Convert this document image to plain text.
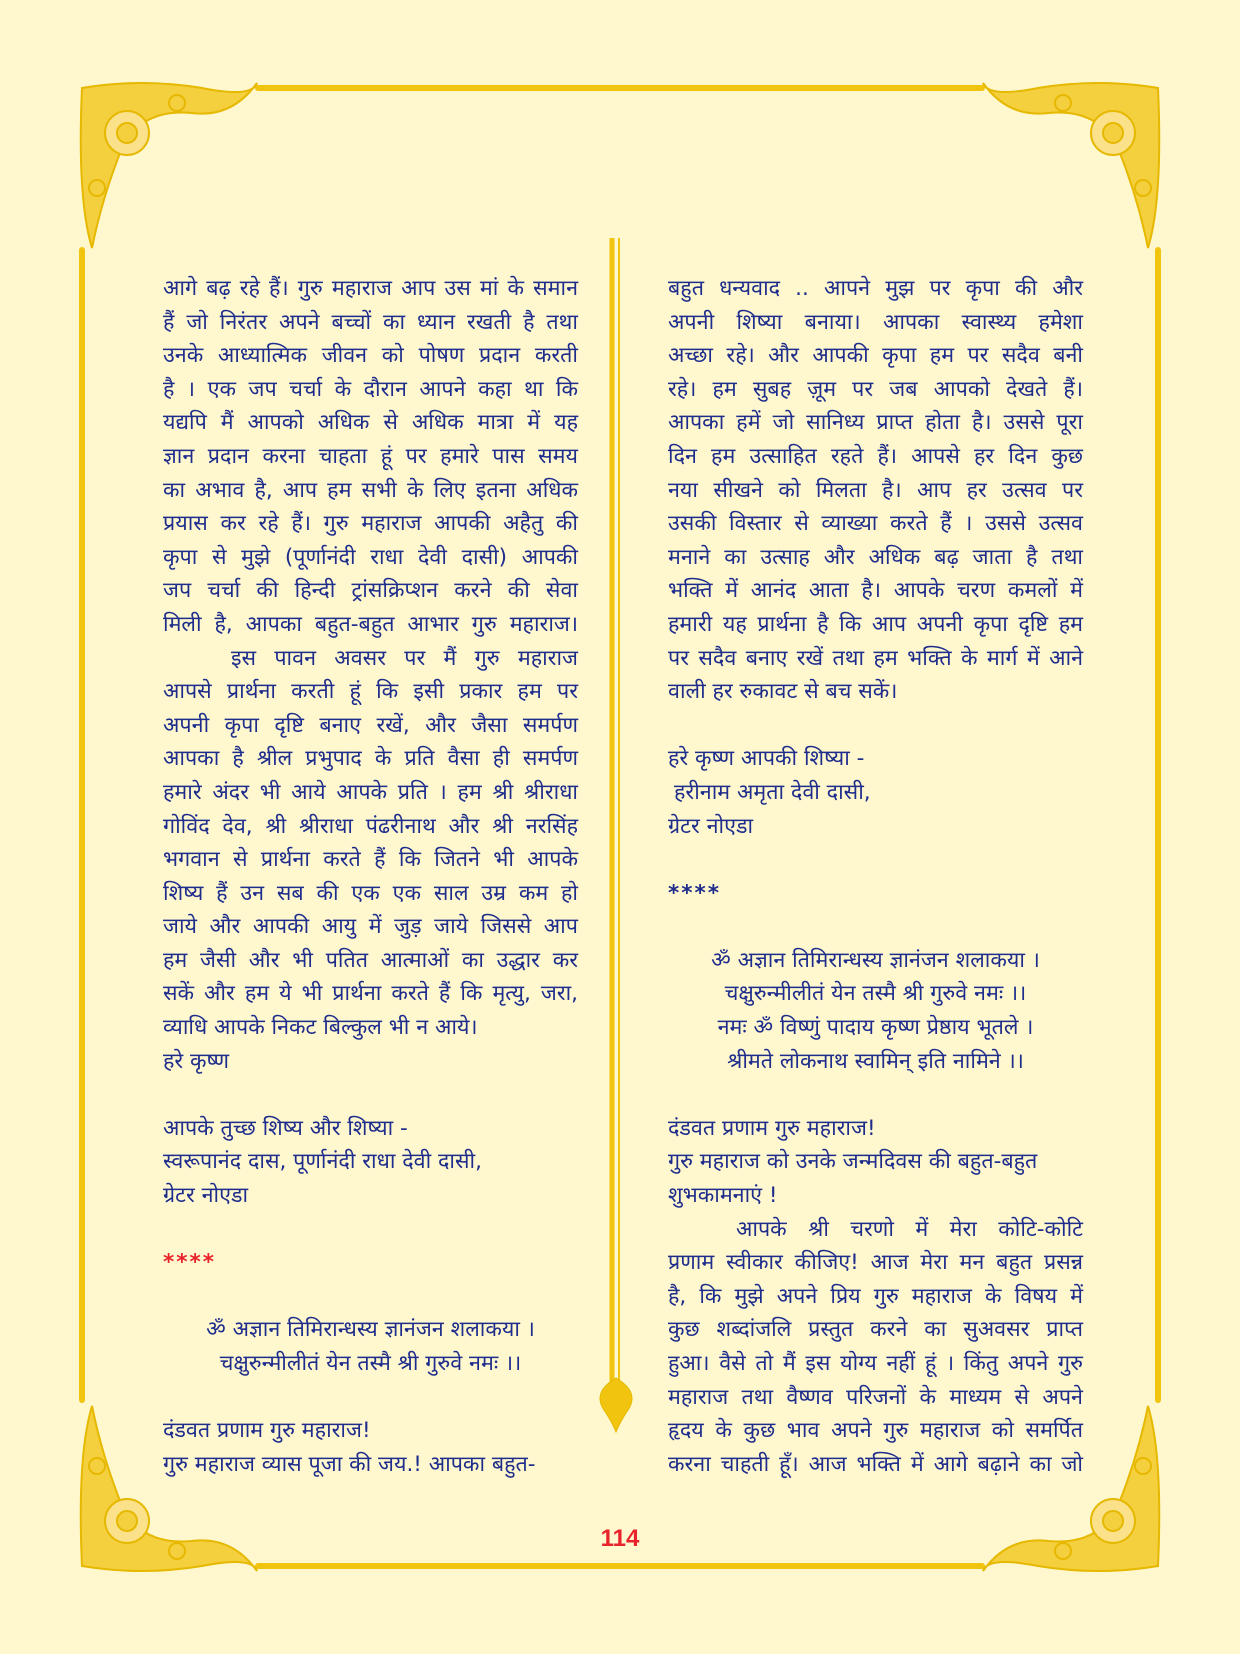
आगे बढ़ रहे हैं। गुरु महाराज आप उस मां के समान
हैं जो निरंतर अपने बच्चों का ध्यान रखती है तथा
उनके आध्यात्मिक जीवन को पोषण प्रदान करती
है । एक जप चर्चा के दौरान आपने कहा था कि
यद्यपि मैं आपको अधिक से अधिक मात्रा में यह
ज्ञान प्रदान करना चाहता हूं पर हमारे पास समय
का अभाव है, आप हम सभी के लिए इतना अधिक
प्रयास कर रहे हैं। गुरु महाराज आपकी अहैतु की
कृपा से मुझे (पूर्णानंदी राधा देवी दासी) आपकी
जप चर्चा की हिन्दी ट्रांसक्रिप्शन करने की सेवा
मिली है, आपका बहुत-बहुत आभार गुरु महाराज।
इस पावन अवसर पर मैं गुरु महाराज
आपसे प्रार्थना करती हूं कि इसी प्रकार हम पर
अपनी कृपा दृष्टि बनाए रखें, और जैसा समर्पण
आपका है श्रील प्रभुपाद के प्रति वैसा ही समर्पण
हमारे अंदर भी आये आपके प्रति । हम श्री श्रीराधा
गोविंद देव, श्री श्रीराधा पंढरीनाथ और श्री नरसिंह
भगवान से प्रार्थना करते हैं कि जितने भी आपके
शिष्य हैं उन सब की एक एक साल उम्र कम हो
जाये और आपकी आयु में जुड़ जाये जिससे आप
हम जैसी और भी पतित आत्माओं का उद्धार कर
सकें और हम ये भी प्रार्थना करते हैं कि मृत्यु, जरा,
व्याधि आपके निकट बिल्कुल भी न आये।
हरे कृष्ण
आपके तुच्छ शिष्य और शिष्या -
स्वरूपानंद दास, पूर्णानंदी राधा देवी दासी,
ग्रेटर नोएडा
****
ॐ अज्ञान तिमिरान्धस्य ज्ञानंजन शलाकया ।
चक्षुरुन्मीलीतं येन तस्मै श्री गुरुवे नमः ।।
दंडवत प्रणाम गुरु महाराज!
गुरु महाराज व्यास पूजा की जय.! आपका बहुत-
बहुत धन्यवाद .. आपने मुझ पर कृपा की और
अपनी शिष्या बनाया। आपका स्वास्थ्य हमेशा
अच्छा रहे। और आपकी कृपा हम पर सदैव बनी
रहे। हम सुबह ज़ूम पर जब आपको देखते हैं।
आपका हमें जो सानिध्य प्राप्त होता है। उससे पूरा
दिन हम उत्साहित रहते हैं। आपसे हर दिन कुछ
नया सीखने को मिलता है। आप हर उत्सव पर
उसकी विस्तार से व्याख्या करते हैं । उससे उत्सव
मनाने का उत्साह और अधिक बढ़ जाता है तथा
भक्ति में आनंद आता है। आपके चरण कमलों में
हमारी यह प्रार्थना है कि आप अपनी कृपा दृष्टि हम
पर सदैव बनाए रखें तथा हम भक्ति के मार्ग में आने
वाली हर रुकावट से बच सकें।
हरे कृष्ण आपकी शिष्या -
हरीनाम अमृता देवी दासी,
ग्रेटर नोएडा
****
ॐ अज्ञान तिमिरान्धस्य ज्ञानंजन शलाकया ।
चक्षुरुन्मीलीतं येन तस्मै श्री गुरुवे नमः ।।
नमः ॐ विष्णुं पादाय कृष्ण प्रेष्ठाय भूतले ।
श्रीमते लोकनाथ स्वामिन् इति नामिने ।।
दंडवत प्रणाम गुरु महाराज!
गुरु महाराज को उनके जन्मदिवस की बहुत-बहुत
शुभकामनाएं !
आपके श्री चरणो में मेरा कोटि-कोटि
प्रणाम स्वीकार कीजिए! आज मेरा मन बहुत प्रसन्न
है, कि मुझे अपने प्रिय गुरु महाराज के विषय में
कुछ शब्दांजलि प्रस्तुत करने का सुअवसर प्राप्त
हुआ। वैसे तो मैं इस योग्य नहीं हूं । किंतु अपने गुरु
महाराज तथा वैष्णव परिजनों के माध्यम से अपने
हृदय के कुछ भाव अपने गुरु महाराज को समर्पित
करना चाहती हूँ। आज भक्ति में आगे बढ़ाने का जो
114
